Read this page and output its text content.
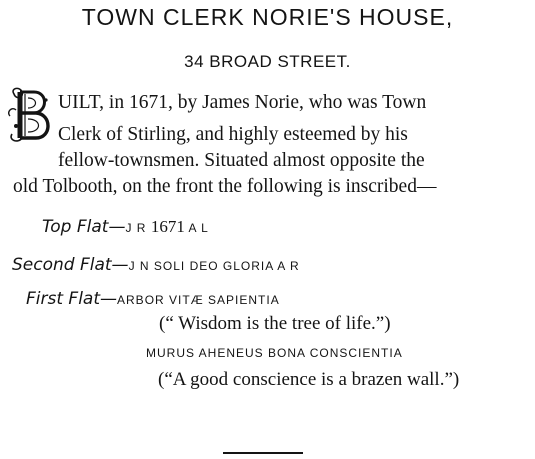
TOWN CLERK NORIE'S HOUSE,
34 BROAD STREET.
UILT, in 1671, by James Norie, who was Town
Clerk of Stirling, and highly esteemed by his
fellow-townsmen. Situated almost opposite the
old Tolbooth, on the front the following is inscribed—
Top Flat—J R 1671 A L
Second Flat—J N SOLI DEO GLORIA A R
First Flat—ARBOR VITÆ SAPIENTIA
(“ Wisdom is the tree of life.”)
MURUS AHENEUS BONA CONSCIENTIA
(“A good conscience is a brazen wall.”)
